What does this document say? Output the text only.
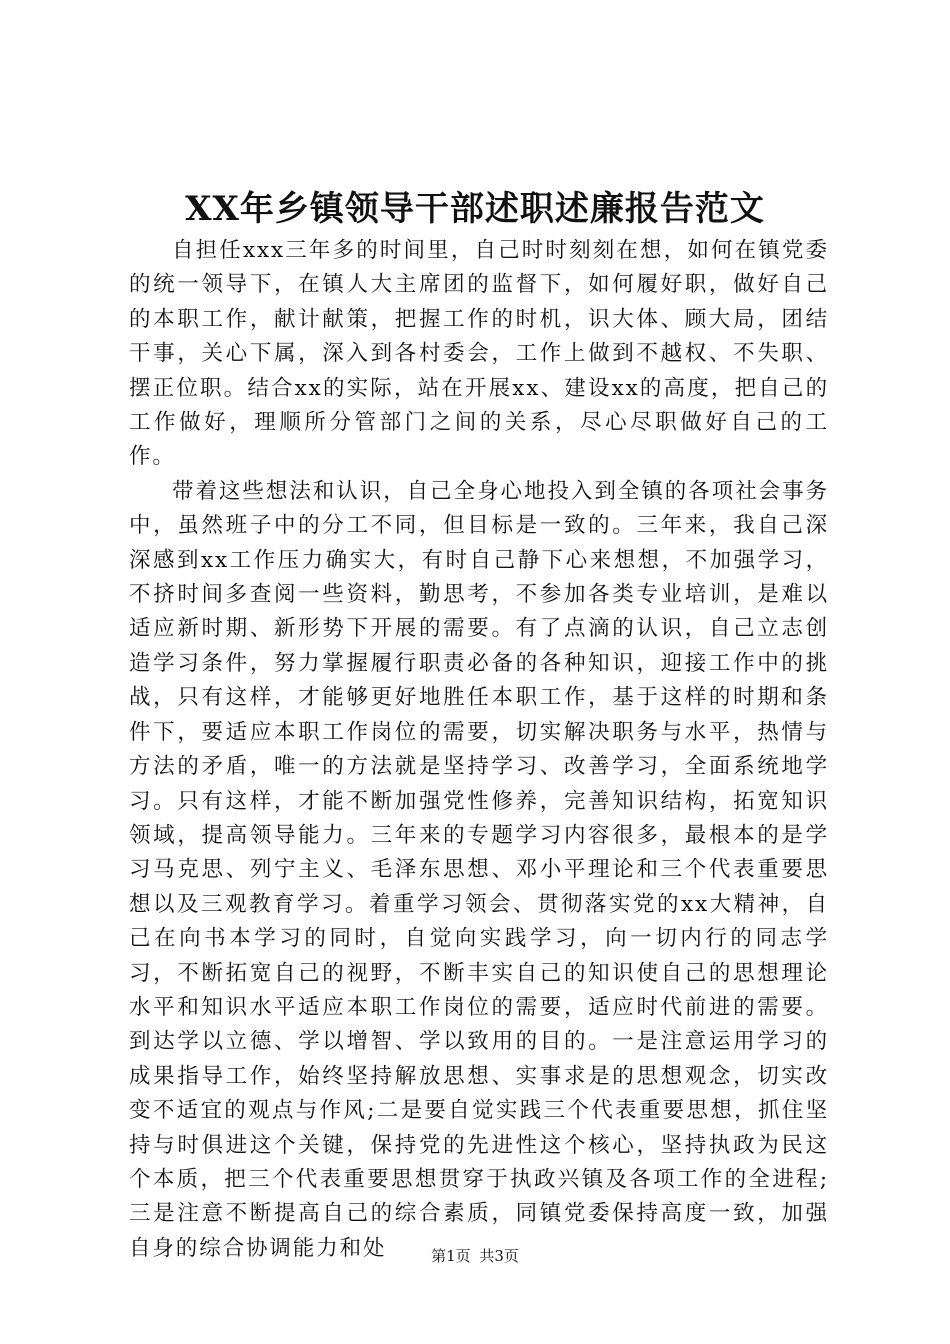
XX年乡镇领导干部述职述廉报告范文

自担任xxx三年多的时间里，自己时时刻刻在想，如何在镇党委的统一领导下，在镇人大主席团的监督下，如何履好职，做好自己的本职工作，献计献策，把握工作的时机，识大体、顾大局，团结干事，关心下属，深入到各村委会，工作上做到不越权、不失职、摆正位职。结合xx的实际，站在开展xx、建设xx的高度，把自己的工作做好，理顺所分管部门之间的关系，尽心尽职做好自己的工作。

带着这些想法和认识，自己全身心地投入到全镇的各项社会事务中，虽然班子中的分工不同，但目标是一致的。三年来，我自己深深感到xx工作压力确实大，有时自己静下心来想想，不加强学习，不挤时间多查阅一些资料，勤思考，不参加各类专业培训，是难以适应新时期、新形势下开展的需要。有了点滴的认识，自己立志创造学习条件，努力掌握履行职责必备的各种知识，迎接工作中的挑战，只有这样，才能够更好地胜任本职工作，基于这样的时期和条件下，要适应本职工作岗位的需要，切实解决职务与水平，热情与方法的矛盾，唯一的方法就是坚持学习、改善学习，全面系统地学习。只有这样，才能不断加强党性修养，完善知识结构，拓宽知识领域，提高领导能力。三年来的专题学习内容很多，最根本的是学习马克思、列宁主义、毛泽东思想、邓小平理论和三个代表重要思想以及三观教育学习。着重学习领会、贯彻落实党的xx大精神，自己在向书本学习的同时，自觉向实践学习，向一切内行的同志学习，不断拓宽自己的视野，不断丰实自己的知识使自己的思想理论水平和知识水平适应本职工作岗位的需要，适应时代前进的需要。到达学以立德、学以增智、学以致用的目的。一是注意运用学习的成果指导工作，始终坚持解放思想、实事求是的思想观念，切实改变不适宜的观点与作风;二是要自觉实践三个代表重要思想，抓住坚持与时俱进这个关键，保持党的先进性这个核心，坚持执政为民这个本质，把三个代表重要思想贯穿于执政兴镇及各项工作的全进程;三是注意不断提高自己的综合素质，同镇党委保持高度一致，加强自身的综合协调能力和处	第1页 共3页
